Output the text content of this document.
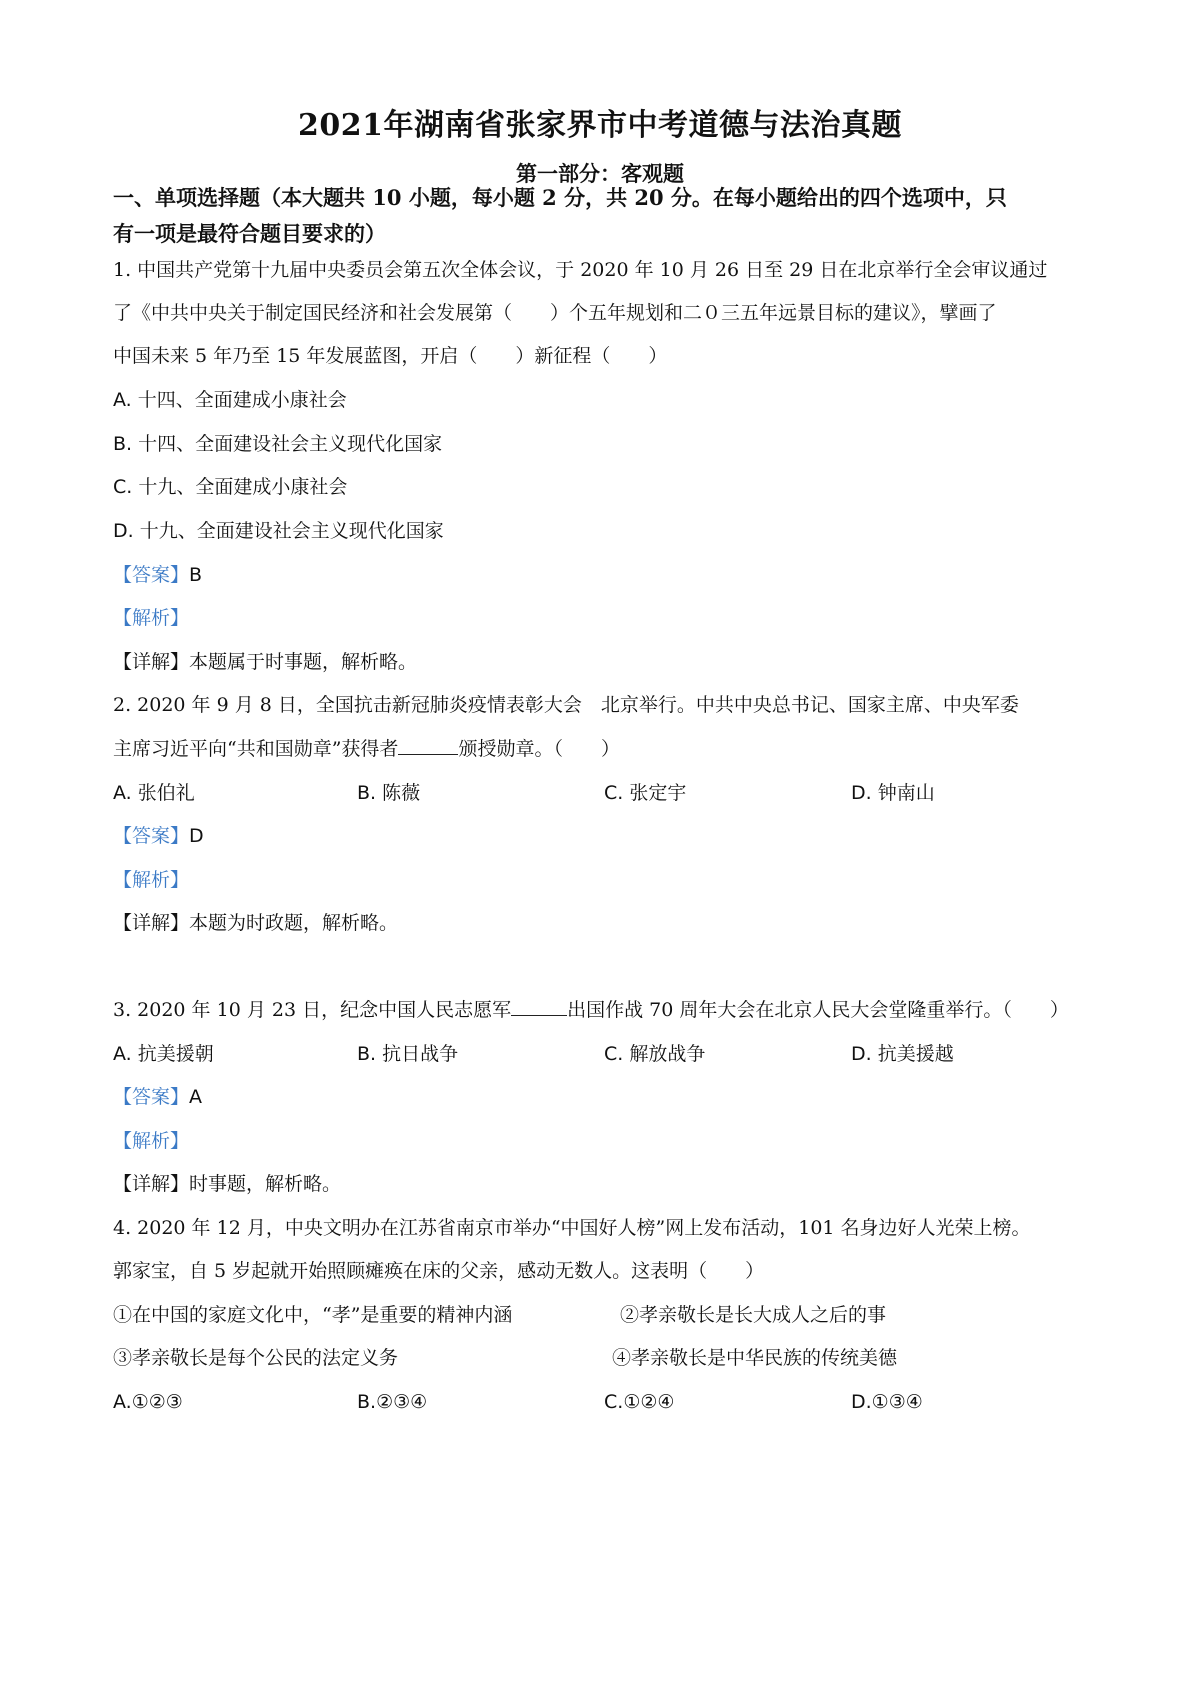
2021年湖南省张家界市中考道德与法治真题
第一部分：客观题
一、单项选择题（本大题共 10 小题，每小题 2 分，共 20 分。在每小题给出的四个选项中，只
有一项是最符合题目要求的）
1. 中国共产党第十九届中央委员会第五次全体会议，于 2020 年 10 月 26 日至 29 日在北京举行全会审议通过
了《中共中央关于制定国民经济和社会发展第（　　）个五年规划和二０三五年远景目标的建议》，擘画了
中国未来 5 年乃至 15 年发展蓝图，开启（　　）新征程（　　）
A. 十四、全面建成小康社会
B. 十四、全面建设社会主义现代化国家
C. 十九、全面建成小康社会
D. 十九、全面建设社会主义现代化国家
【答案】B
【解析】
【详解】本题属于时事题，解析略。
2. 2020 年 9 月 8 日，全国抗击新冠肺炎疫情表彰大会　北京举行。中共中央总书记、国家主席、中央军委
主席习近平向“共和国勋章”获得者	颁授勋章。（　　）
A. 张伯礼	B. 陈薇	C. 张定宇	D. 钟南山
【答案】D
【解析】
【详解】本题为时政题，解析略。
3. 2020 年 10 月 23 日，纪念中国人民志愿军	出国作战 70 周年大会在北京人民大会堂隆重举行。（　　）
A. 抗美援朝	B. 抗日战争	C. 解放战争	D. 抗美援越
【答案】A
【解析】
【详解】时事题，解析略。
4. 2020 年 12 月，中央文明办在江苏省南京市举办“中国好人榜”网上发布活动，101 名身边好人光荣上榜。
郭家宝，自 5 岁起就开始照顾瘫痪在床的父亲，感动无数人。这表明（　　）
①在中国的家庭文化中，“孝”是重要的精神内涵	②孝亲敬长是长大成人之后的事
③孝亲敬长是每个公民的法定义务	④孝亲敬长是中华民族的传统美德
A.①②③	B.②③④	C.①②④	D.①③④
